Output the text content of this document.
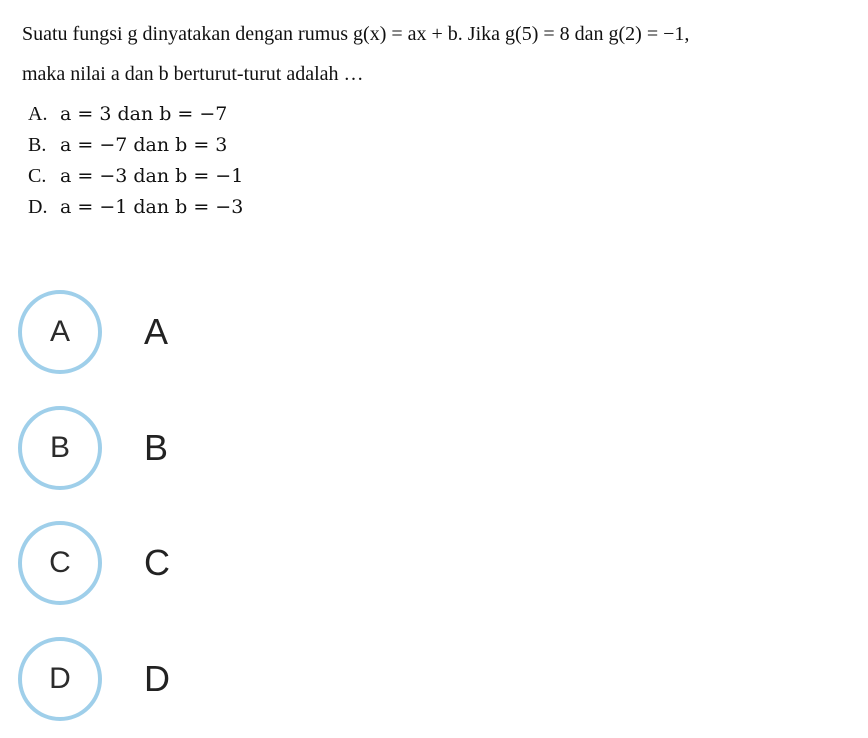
Suatu fungsi g dinyatakan dengan rumus g(x) = ax + b. Jika g(5) = 8 dan g(2) = −1,
maka nilai a dan b berturut-turut adalah …
A. a = 3 dan b = −7
B. a = −7 dan b = 3
C. a = −3 dan b = −1
D. a = −1 dan b = −3
A	A
B	B
C	C
D	D
